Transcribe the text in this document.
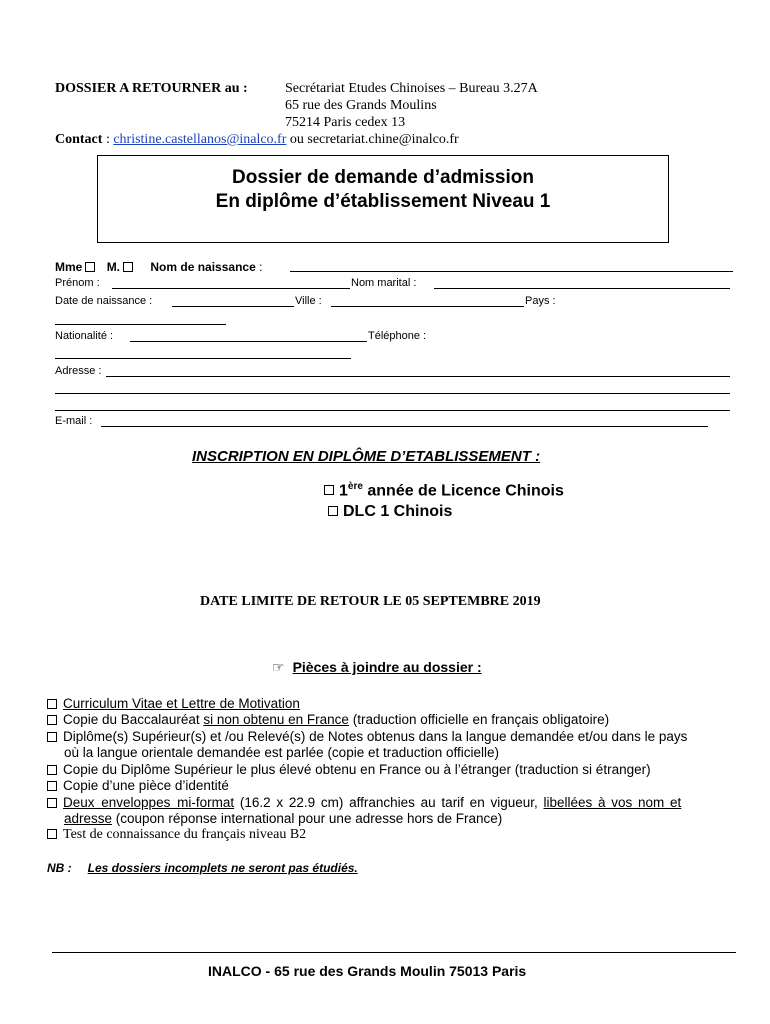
DOSSIER A RETOURNER au :	Secrétariat Etudes Chinoises – Bureau 3.27A
65 rue des Grands Moulins
75214 Paris cedex 13
Contact : christine.castellanos@inalco.fr ou secretariat.chine@inalco.fr
Dossier de demande d’admission
En diplôme d’établissement Niveau 1
Mme M.	Nom de naissance :
Prénom :	Nom marital :
Date de naissance :	Ville :	Pays :
Nationalité :	Téléphone :
Adresse :
E-mail :
INSCRIPTION EN DIPLÔME D’ETABLISSEMENT :
1ère année de Licence Chinois
DLC 1 Chinois
DATE LIMITE DE RETOUR LE 05 SEPTEMBRE 2019
☞ Pièces à joindre au dossier :
Curriculum Vitae et Lettre de Motivation
Copie du Baccalauréat si non obtenu en France (traduction officielle en français obligatoire)
Diplôme(s) Supérieur(s) et /ou Relevé(s) de Notes obtenus dans la langue demandée et/ou dans le pays
où la langue orientale demandée est parlée (copie et traduction officielle)
Copie du Diplôme Supérieur le plus élevé obtenu en France ou à l’étranger (traduction si étranger)
Copie d’une pièce d’identité
Deux enveloppes mi-format (16.2 x 22.9 cm) affranchies au tarif en vigueur, libellées à vos nom et
adresse (coupon réponse international pour une adresse hors de France)
Test de connaissance du français niveau B2
NB : Les dossiers incomplets ne seront pas étudiés.
INALCO - 65 rue des Grands Moulin 75013 Paris
